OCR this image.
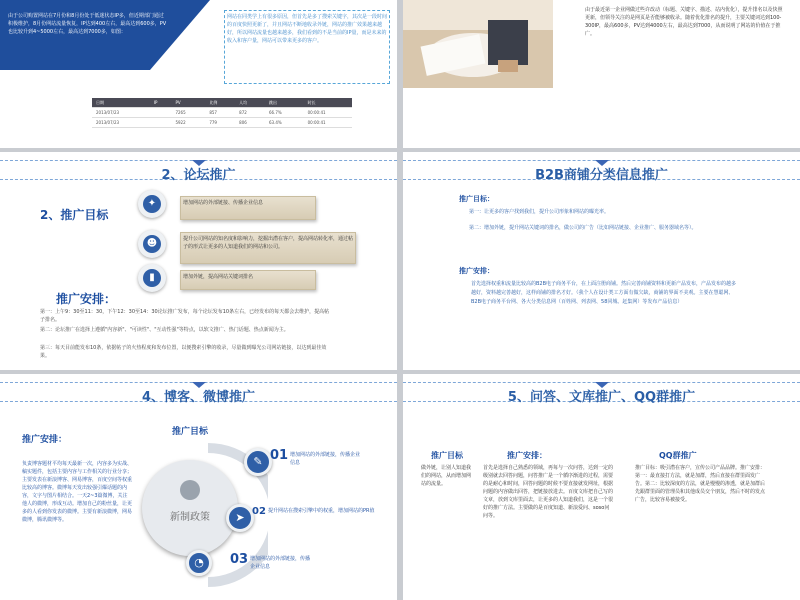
由于公司购置网站在7月份和8月份处于低迷状态IP多，但近期部门通过积极维护，8月份网站流量恢复，IP达到400左右，最高达到600多，PV也比较升到4~5000左右，最高达到7000多，如图：
网站在同类学上有很多原因，但首先是多了搜索关键字，其次是一段时间的百度快照更新了，并且网站不断地收录外链，网站的推广效果越来越好，所以网站流量也越来越多，我们看到的不是当前的IP量，而是未来的收入和客户量，网站可以带来更多的客户。
日期	IP	PV	比例	人均	跳出	时长
2013/07/23		7265	857	872	66.7%	00:00:41
2013/07/23		5922	779	806	63.4%	00:00:41
由于最近第一企业网做过些许改动（标题、关键字、描述、站内优化），提升排名以及快照更新，但领导关注的是网页是否能够被收录。随着优化排名的提升，主要关键词达到100-300IP，最高600多，PV达到4000左右，最高达到7000，从而说明了网站的价值在于推广。
2、论坛推广
2、推广目标
✦
☻
▮
增加网站的外部链接、传播企业信息
提升公司网站的知名度和影响力，挖掘出潜在客户，提高网站转化率，通过帖子的形式让更多的人知道我们的网站和公司。
增加外链，提高网站关键词排名
推广安排：
第一：上午9：30至11：30，下午12：30至14：30论坛推广发布，每个论坛发布10条左右，已经发布的每天都会去维护，提高帖子排名。
第二：论坛推广在选择上遵循"内容新"、"可读性"、"互动性强"等特点，以软文推广、热门话题、热点新闻为主。
第三：每天目前能发布10条，依据帖子的火热程度和发布位置，以便搜索引擎的收录，尽量做到曝光公司网站链接，以达到最佳效果。
B2B商铺分类信息推广
推广目标：
第一：让更多的客户找到我们，提升公司形象和网站的曝光率。
第二：增加外链，提升网站关键词的排名，做公司的广告（比如网站链接、企业推广、服务器域名等）。
推广安排：
首先选择权重和流量比较高的B2B电子商务平台，在上面注册商铺。然后完善商铺资料和更新产品发布，产品发布的越多越好，资料越完善越好，这样商铺的排名才好。（我个人在设计类工方面有做欠缺，商铺的界面不美观。主要在慧聪网、B2B电子商务平台网、各大分类信息网（百姓网、列表网、58同城、赶集网）等发布产品信息）
4、博客、微博推广
推广安排：
负责博客题材平均每天最新一次，内容多为实战、稿实题件，包括主要内容与工作相关的行业分享；主要发表在新浪博客、网易博客，百度空间等权重比较高的博客。微博每天发出较强引爆话题的内容，文字与图片相结合。一天2~3篇微博，关注他人的微博，形成互动。增加自己的粉丝量，让更多的人看到你发表的微博。主要有新浪微博，网易微博，腾讯微博等。
推广目标
新制政策
✎
➤
◔
01 增加网站的外部链接，传播企业信息
02 提升网站在搜索引擎中的权重，增加网站的PR值
03 增加网站的外部链接，传播企业信息
5、问答、文库推广、QQ群推广
推广目标
做外链，让别人知道我们的网站，从而增加网站的流量。
推广安排：
首先是选择自己熟悉的领域，再每与一次问答，达到一定的级别就去回答问题，问答推广是一个循序渐进的过程，需要的是耐心和时间，回答问题的时候不要直接就发网址，根据问题的内容做出回答，把链接放进去。百度文库把自己写的文章，放到文库里面去，让更多的人知道我们，这是一个很好的推广方法。主要做的是百度知道、新浪爱问、soso问问等。
QQ群推广
推广目标：吸引潜在客户，宣传公司产品品牌。推广安排：第一：最直接打方法，就是加群，然后直接在群里面发广告。第二：比较深度的方法，就是慢慢的渗透，就是加群后先跟群里面的管理员和其他成员交个朋友，然后不时的发点广告，比较容易被接受。
